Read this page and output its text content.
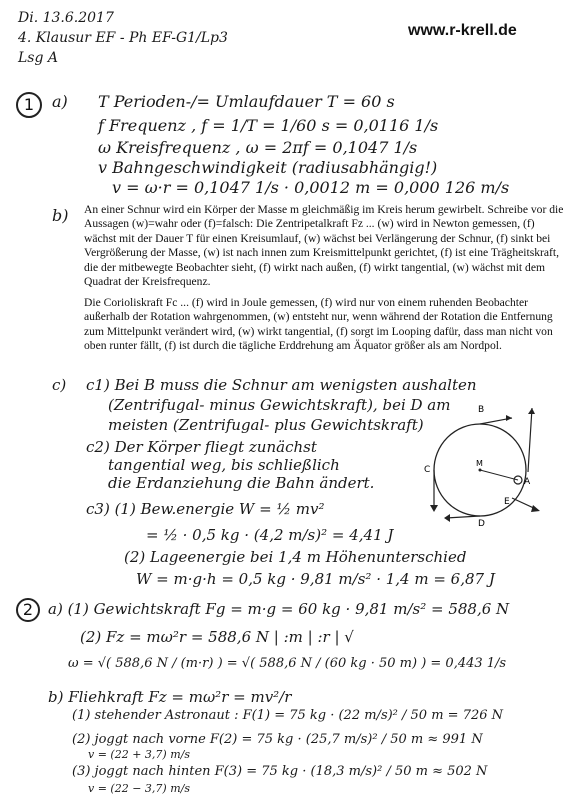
Di. 13.6.2017
4. Klausur EF - Ph EF-G1/Lp3
Lsg A
www.r-krell.de
1	a) T Perioden-/= Umlaufdauer T = 60 s
f Frequenz , f = 1/T = 1/60 s = 0,0116 1/s
ω Kreisfrequenz , ω = 2πf = 0,1047 1/s
v Bahngeschwindigkeit (radiusabhängig!)
v = ω·r = 0,1047 1/s · 0,0012 m = 0,000 126 m/s
b) An einer Schnur wird ein Körper der Masse m gleichmäßig im Kreis herum gewirbelt. Schreibe vor die Aussagen (w)=wahr oder (f)=falsch: Die Zentripetalkraft Fz ... (w) wird in Newton gemessen, (f) wächst mit der Dauer T für einen Kreisumlauf, (w) wächst bei Verlängerung der Schnur, (f) sinkt bei Vergrößerung der Masse, (w) ist nach innen zum Kreismittelpunkt gerichtet, (f) ist eine Trägheitskraft, die der mitbewegte Beobachter sieht, (f) wirkt nach außen, (f) wirkt tangential, (w) wächst mit dem Quadrat der Kreisfrequenz.
Die Corioliskraft Fc ... (f) wird in Joule gemessen, (f) wird nur von einem ruhenden Beobachter außerhalb der Rotation wahrgenommen, (w) entsteht nur, wenn während der Rotation die Entfernung zum Mittelpunkt verändert wird, (w) wirkt tangential, (f) sorgt im Looping dafür, dass man nicht von oben runter fällt, (f) ist durch die tägliche Erddrehung am Äquator größer als am Nordpol.
c) c1) Bei B muss die Schnur am wenigsten aushalten
(Zentrifugal- minus Gewichtskraft), bei D am
meisten (Zentrifugal- plus Gewichtskraft)
c2) Der Körper fliegt zunächst
tangential weg, bis schließlich
die Erdanziehung die Bahn ändert.
c3) (1) Bew.energie W = ½ mv²
= ½ · 0,5 kg · (4,2 m/s)² = 4,41 J
(2) Lageenergie bei 1,4 m Höhenunterschied
W = m·g·h = 0,5 kg · 9,81 m/s² · 1,4 m = 6,87 J
B
A
C
D
E
M
2 a) (1) Gewichtskraft Fg = m·g = 60 kg · 9,81 m/s² = 588,6 N
(2) Fz = mω²r = 588,6 N | :m | :r | √
ω = √( 588,6 N / (m·r) ) = √( 588,6 N / (60 kg · 50 m) ) = 0,443 1/s
b) Fliehkraft Fz = mω²r = mv²/r
(1) stehender Astronaut : F(1) = 75 kg · (22 m/s)² / 50 m = 726 N
(2) joggt nach vorne F(2) = 75 kg · (25,7 m/s)² / 50 m ≈ 991 N
v = (22 + 3,7) m/s
(3) joggt nach hinten F(3) = 75 kg · (18,3 m/s)² / 50 m ≈ 502 N
v = (22 − 3,7) m/s
